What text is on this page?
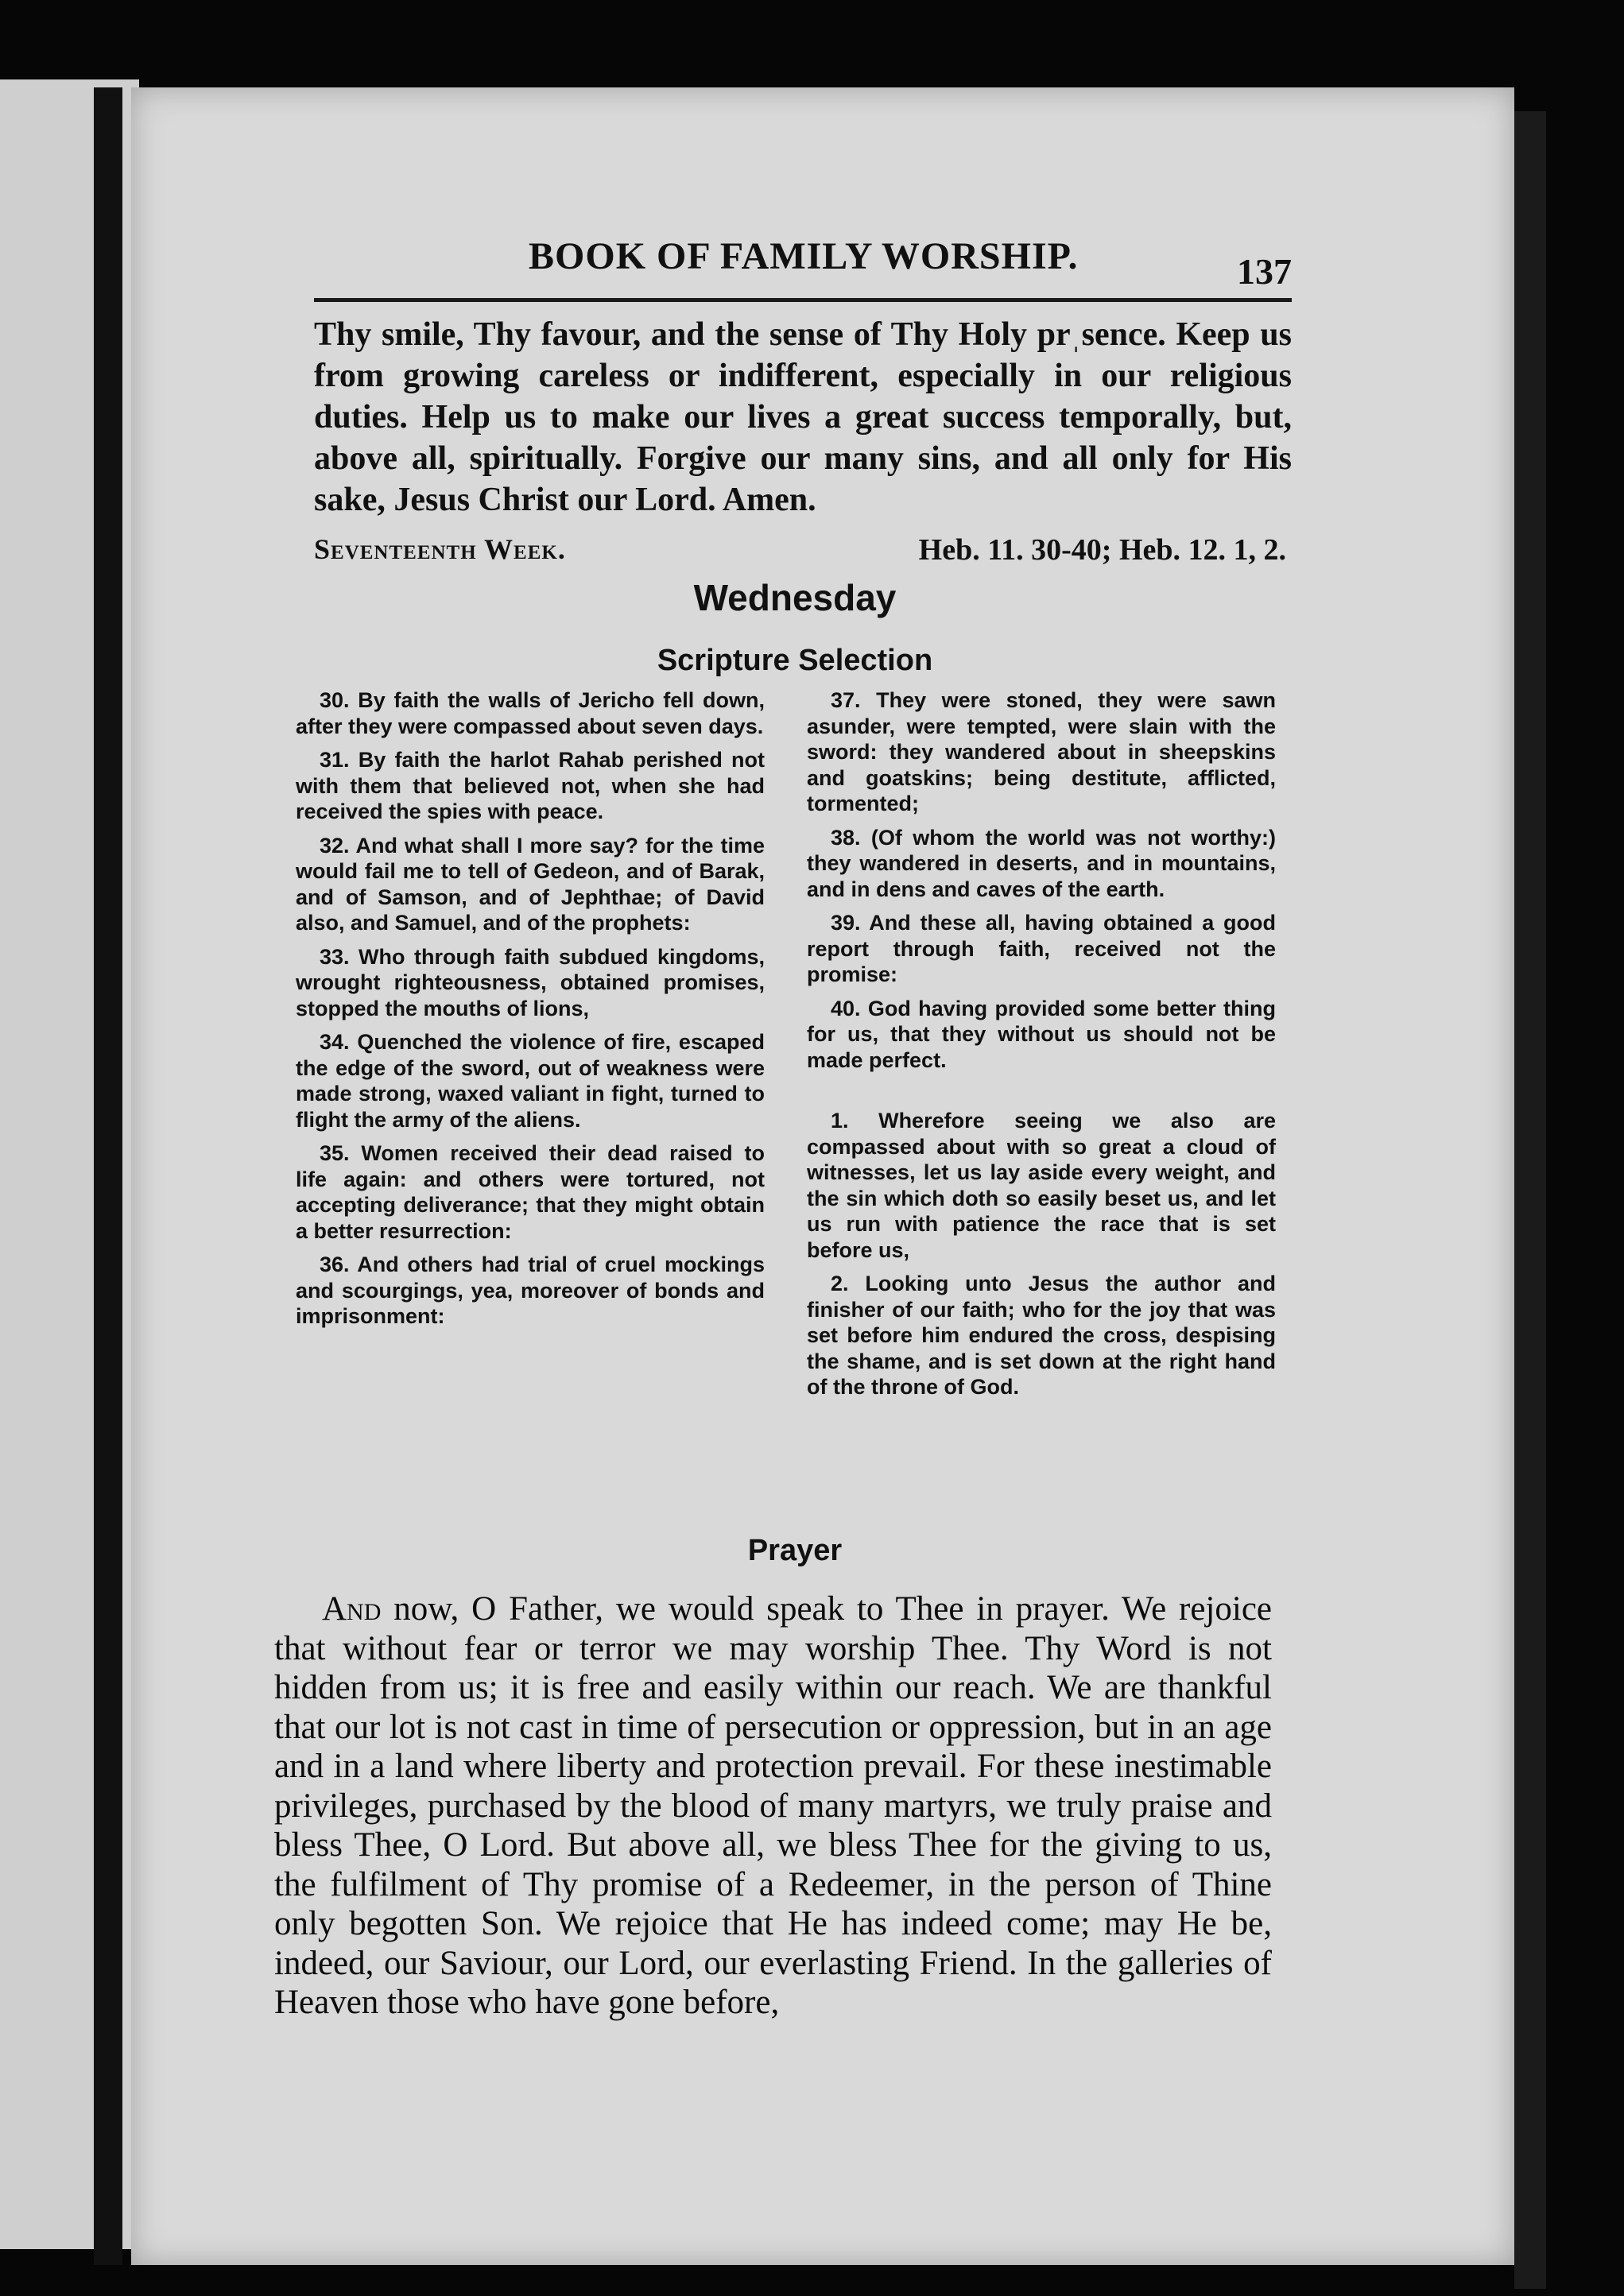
BOOK OF FAMILY WORSHIP.	137
Thy smile, Thy favour, and the sense of Thy Holy prˌsence. Keep us from growing careless or indifferent, especially in our religious duties. Help us to make our lives a great success temporally, but, above all, spiritually. Forgive our many sins, and all only for His sake, Jesus Christ our Lord. Amen.
Seventeenth Week.	Heb. 11. 30-40; Heb. 12. 1, 2.
Wednesday
Scripture Selection

30. By faith the walls of Jericho fell down, after they were compassed about seven days.

31. By faith the harlot Rahab perished not with them that believed not, when she had received the spies with peace.

32. And what shall I more say? for the time would fail me to tell of Gedeon, and of Barak, and of Samson, and of Jephthae; of David also, and Samuel, and of the prophets:

33. Who through faith subdued kingdoms, wrought righteousness, obtained promises, stopped the mouths of lions,

34. Quenched the violence of fire, escaped the edge of the sword, out of weakness were made strong, waxed valiant in fight, turned to flight the army of the aliens.

35. Women received their dead raised to life again: and others were tortured, not accepting deliverance; that they might obtain a better resurrection:

36. And others had trial of cruel mockings and scourgings, yea, moreover of bonds and imprisonment:

37. They were stoned, they were sawn asunder, were tempted, were slain with the sword: they wandered about in sheepskins and goatskins; being destitute, afflicted, tormented;

38. (Of whom the world was not worthy:) they wandered in deserts, and in mountains, and in dens and caves of the earth.

39. And these all, having obtained a good report through faith, received not the promise:

40. God having provided some better thing for us, that they without us should not be made perfect.

1. Wherefore seeing we also are compassed about with so great a cloud of witnesses, let us lay aside every weight, and the sin which doth so easily beset us, and let us run with patience the race that is set before us,

2. Looking unto Jesus the author and finisher of our faith; who for the joy that was set before him endured the cross, despising the shame, and is set down at the right hand of the throne of God.

Prayer
And now, O Father, we would speak to Thee in prayer. We rejoice that without fear or terror we may worship Thee. Thy Word is not hidden from us; it is free and easily within our reach. We are thankful that our lot is not cast in time of persecution or oppression, but in an age and in a land where liberty and protection prevail. For these inestimable privileges, purchased by the blood of many martyrs, we truly praise and bless Thee, O Lord. But above all, we bless Thee for the giving to us, the fulfilment of Thy promise of a Redeemer, in the person of Thine only begotten Son. We rejoice that He has indeed come; may He be, indeed, our Saviour, our Lord, our everlasting Friend. In the galleries of Heaven those who have gone before,
